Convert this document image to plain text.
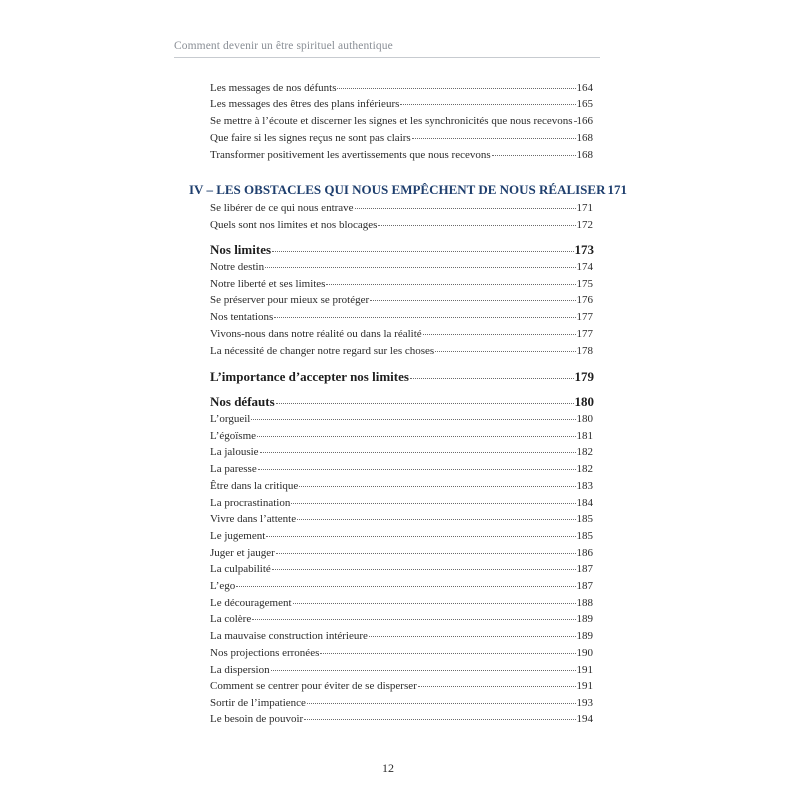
Comment devenir un être spirituel authentique
Les messages de nos défunts	164
Les messages des êtres des plans inférieurs	165
Se mettre à l’écoute et discerner les signes et les synchronicités que nous recevons 166
Que faire si les signes reçus ne sont pas clairs	168
Transformer positivement les avertissements que nous recevons	168
IV – LES OBSTACLES QUI NOUS EMPÊCHENT DE NOUS RÉALISER 171
Se libérer de ce qui nous entrave	171
Quels sont nos limites et nos blocages	172
Nos limites	173
Notre destin	174
Notre liberté et ses limites	175
Se préserver pour mieux se protéger	176
Nos tentations	177
Vivons-nous dans notre réalité ou dans la réalité	177
La nécessité de changer notre regard sur les choses	178
L’importance d’accepter nos limites	179
Nos défauts	180
L’orgueil	180
L’égoïsme	181
La jalousie	182
La paresse	182
Être dans la critique	183
La procrastination	184
Vivre dans l’attente	185
Le jugement	185
Juger et jauger	186
La culpabilité	187
L’ego	187
Le découragement	188
La colère	189
La mauvaise construction intérieure	189
Nos projections erronées	190
La dispersion	191
Comment se centrer pour éviter de se disperser	191
Sortir de l’impatience	193
Le besoin de pouvoir	194
12
